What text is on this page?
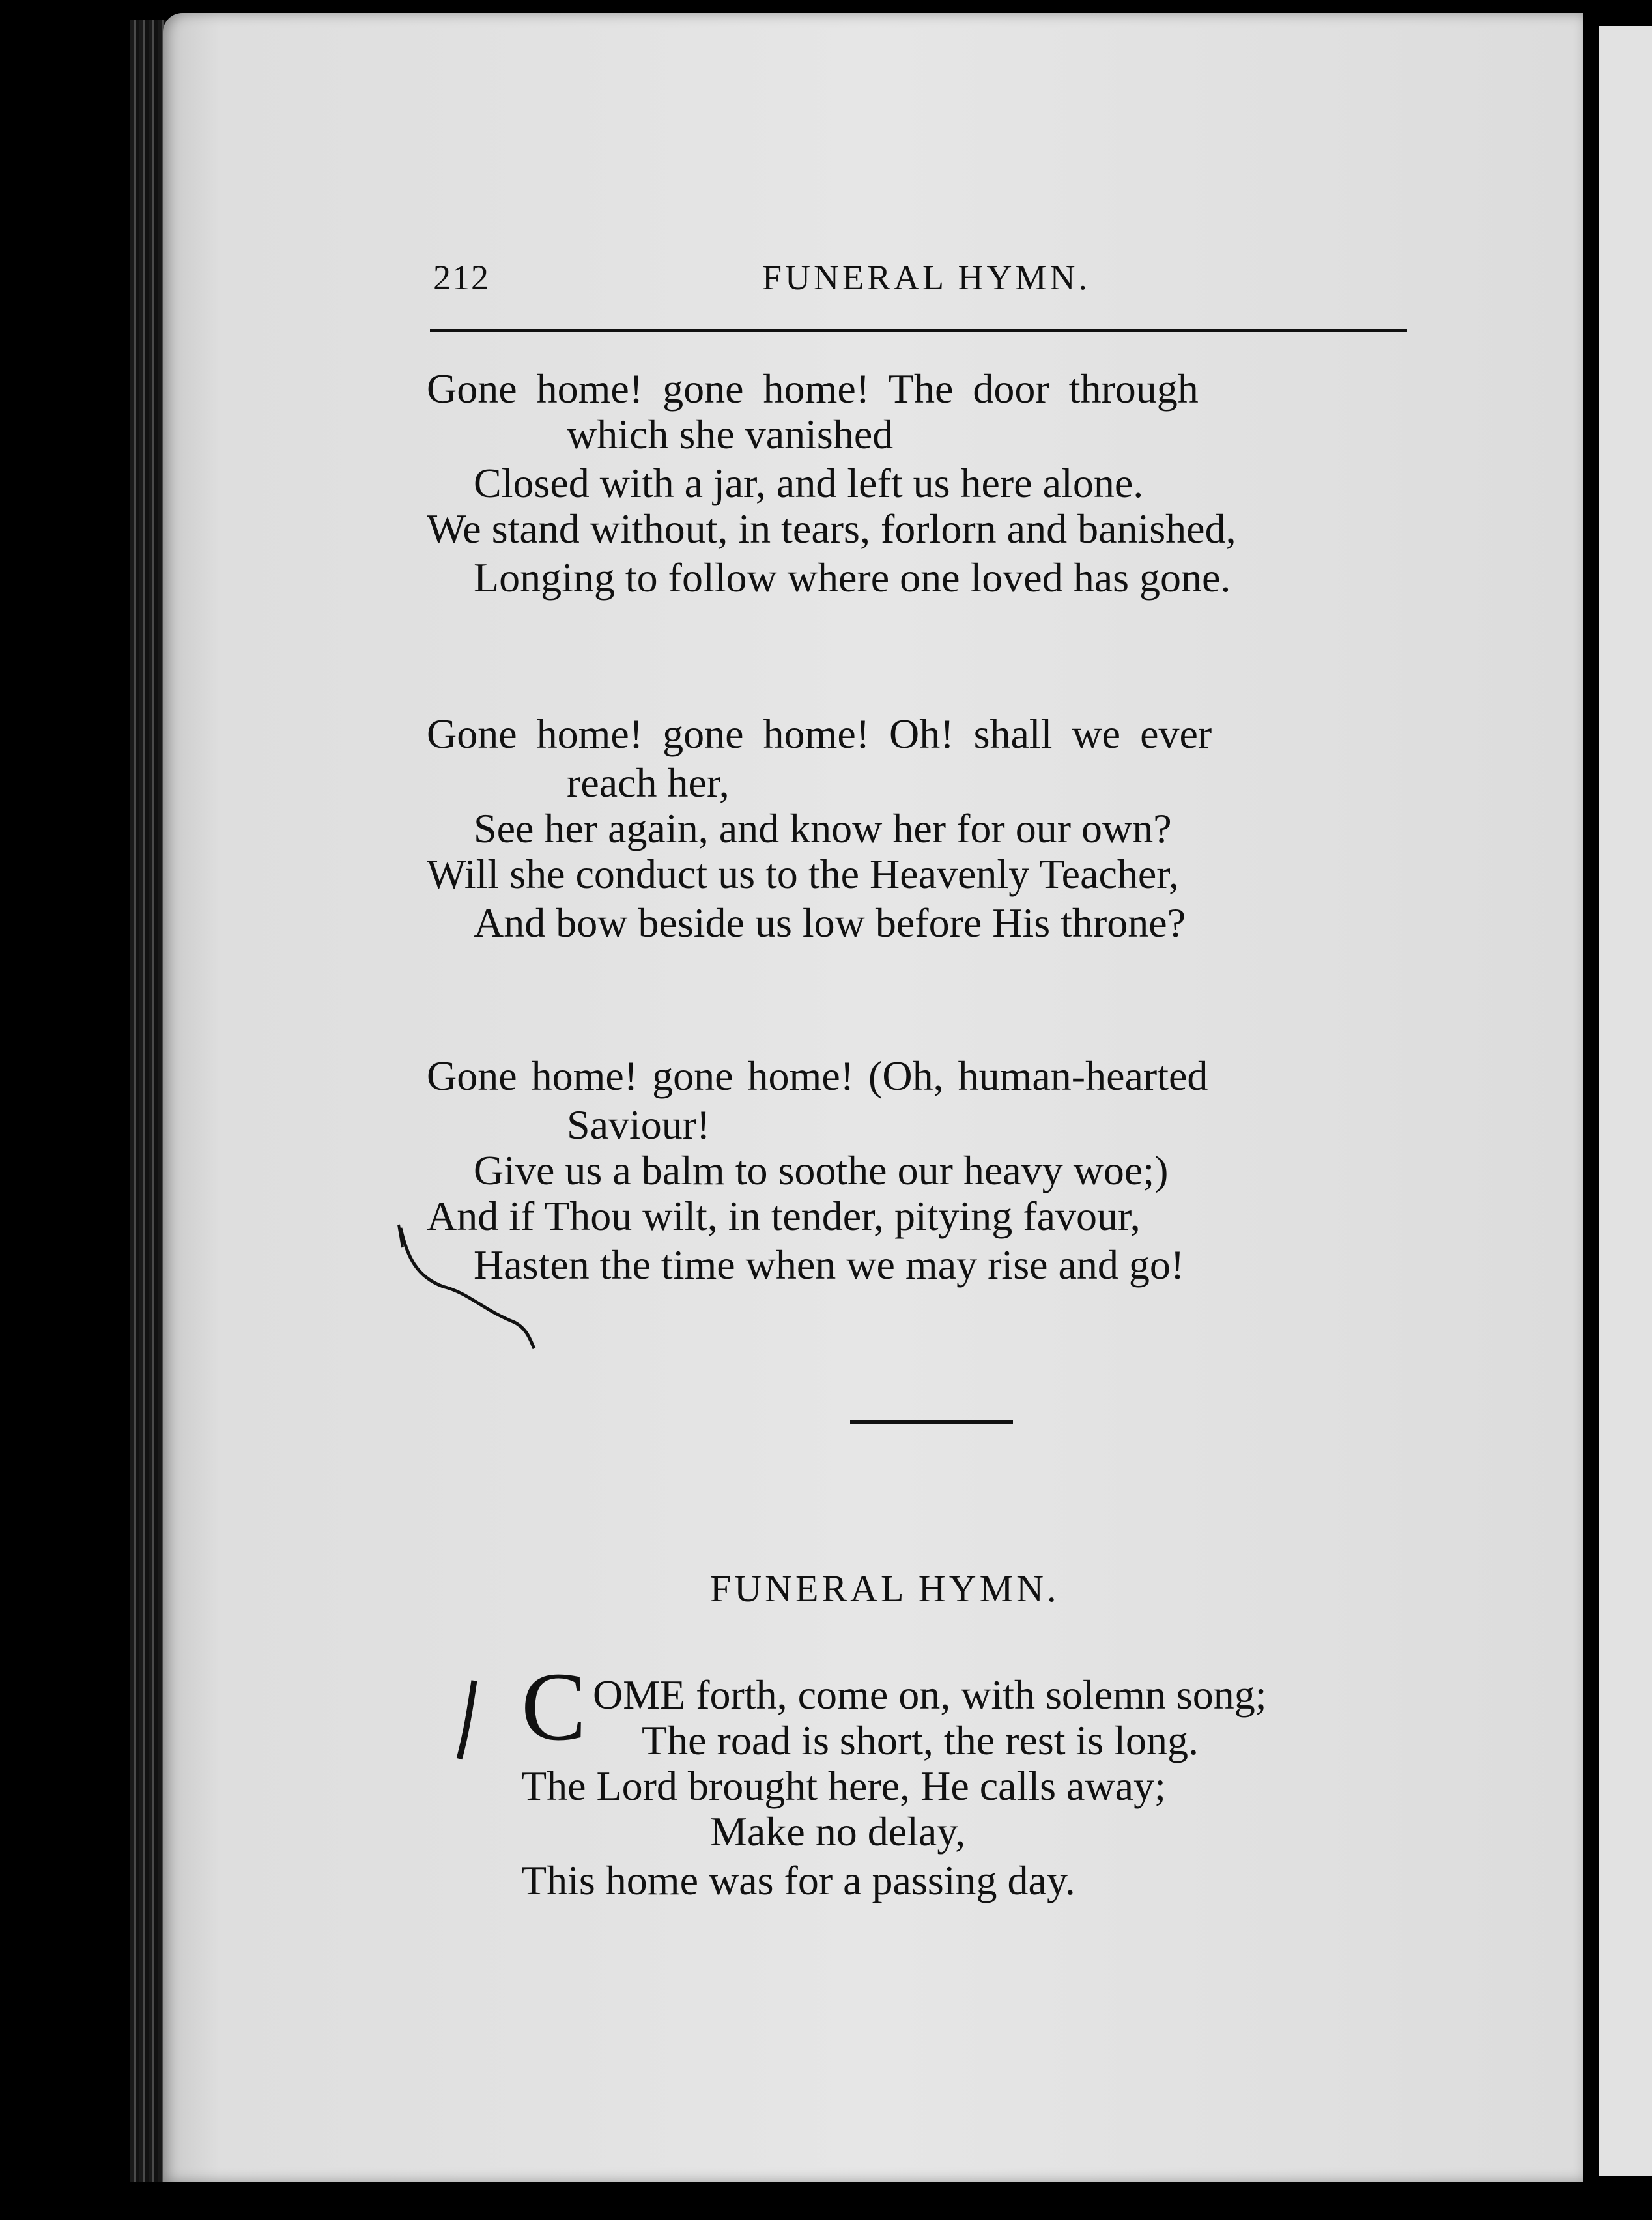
212	FUNERAL HYMN.
Gone home! gone home! The door through
which she vanished
Closed with a jar, and left us here alone.
We stand without, in tears, forlorn and banished,
Longing to follow where one loved has gone.
Gone home! gone home! Oh! shall we ever
reach her,
See her again, and know her for our own?
Will she conduct us to the Heavenly Teacher,
And bow beside us low before His throne?
Gone home! gone home! (Oh, human-hearted
Saviour!
Give us a balm to soothe our heavy woe;)
And if Thou wilt, in tender, pitying favour,
Hasten the time when we may rise and go!
FUNERAL HYMN.
C OME forth, come on, with solemn song;
The road is short, the rest is long.
The Lord brought here, He calls away;
Make no delay,
This home was for a passing day.
